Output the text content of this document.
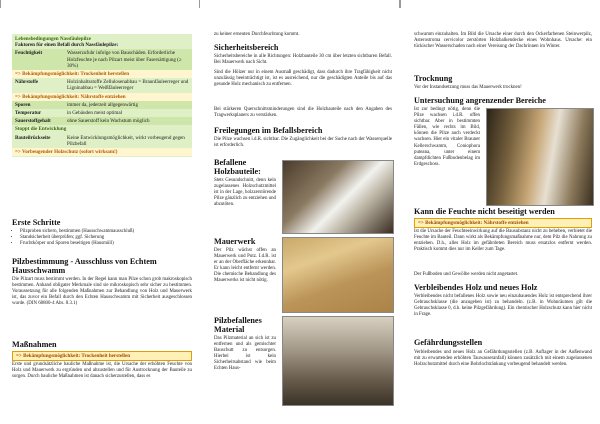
Lebensbedingungen Nassfäulepilze
Faktoren für einen Befall durch Nassfäulepilze:
Feuchtigkeit	Wasserzufuhr infolge von Bauschäden. Erforderliche Holzfeuchte je nach Pilzart meist über Fasersättigung (≥ 30%)
=> Bekämpfungsmöglichkeit: Trockenheit herstellen
Nährstoffe	Holzinhaltsstoffe Zellulosenabbau = Braunfäuleerreger und Ligninabbau = Weißfäuleerreger
=> Bekämpfungsmöglichkeit: Nährstoffe entziehen
Sporen	immer da, jederzeit allgegenwärtig
Temperatur	in Gebäuden meist optimal
Sauerstoffgehalt	ohne Sauerstoff kein Wachstum möglich
Stoppt die Entwicklung
Bauteilrückseite	Keine Entwicklungsmöglichkeit, wirkt vorbeugend gegen Pilzbefall
=> Vorbeugender Holzschutz (sofort wirksam!)
Erste Schritte
• Pilzproben sichern, bestimmen (Hausschwammausschluß)
• Standsicherheit überprüfen; ggf. Sicherung
• Fruchtkörper und Sporen beseitigen (Hausmüll)
Pilzbestimmung - Ausschluss von Echtem Hausschwamm
Die Pilzart muss bestimmt werden. In der Regel kann man Pilze schon grob makroskopisch bestimmen. Anhand obligater Merkmale sind sie mikroskopisch sehr sicher zu bestimmen. Voraussetzung für alle folgenden Maßnahmen zur Behandlung von Holz und Mauerwerk ist, das zuvor ein Befall durch den Echten Hausschwamm mit Sicherheit ausgeschlossen wurde. (DIN 68800-4 Abs. 8.3.1)
Maßnahmen
=> Bekämpfungsmöglichkeit: Trockenheit herstellen
Erste und grundsätzliche bauliche Maßnahme ist, die Ursache der erhöhten Feuchte von Holz und Mauerwerk zu ergründen und abzustellen und für Austrocknung der Bauteile zu sorgen. Durch bauliche Maßnahmen ist danach sicherzustellen, dass es
zu keiner erneuten Durchfeuchtung kommt.
Sicherheitsbereich
Sicherheitsbereiche in alle Richtungen: Holzbauteile 30 cm über letzten sichtbaren Befall. Bei Mauerwerk nach Sicht.
Sind die Hölzer nur in einem Ausmaß geschädigt, dass dadurch ihre Tragfähigkeit nicht unzulässig beeinträchtigt ist, ist es ausreichend, nur die geschädigten Anteile bis auf das gesunde Holz mechanisch zu entfernen.
Bei stärkeren Querschnittsminderungen sind die Holzbauteile nach den Angaben des Tragwerksplaners zu verstärken.
Freilegungen im Befallsbereich
Die Pilze wachsen i.d.R. sichtbar. Die Zugänglichkeit bei der Suche nach der Wasserquelle ist erforderlich.
Befallene Holzbauteile:
Stets Gesundschnitt, denn kein zugelassenes Holzschutzmittel ist in der Lage, holzzerstörende Pilze gänzlich zu entziehen und abzutöten.
Mauerwerk
Der Pilz wächst offen an Mauerwerk und Putz. I.d.R. ist er an der Oberfläche erkennbar. Er kann leicht entfernt werden. Die chemische Behandlung des Mauerwerks ist nicht nötig.
Pilzbefallenes Material
Das Pilzmaterial an sich ist zu entfernen und als gemischter Bauschutt zu entsorgen. Hierbei ist kein Sicherheitsabstand wie beim Echten Haus-
schwamm einzuhalten. Im Bild die Ursache einer durch den Ockerfarbenen Steinwerpilz, Asterostroma cervicolor zerstörten Holzbalkendecke eines Wohnhaus. Ursache: ein tückischer Wasserschaden nach einer Vereisung der Dachrinnen im Winter.
Trocknung
Vor der Instandsetzung muss das Mauerwerk trocknen!
Untersuchung angrenzender Bereiche
Ist zur bedingt nötig, denn die Pilze wachsen i.d.R. offen sichtbar. Aber in bestimmten Fällen, wie rechts im Bild, können die Pilze auch verdeckt wachsen. Hier ein vitaler Brauner Kellerschwamm, Coniophora puteana, unter einem dampfdichten Fußbodenbelag im Erdgeschoss.
Kann die Feuchte nicht beseitigt werden
=> Bekämpfungsmöglichkeit: Nährstoffe entziehen
Ist die Ursache der Feuchteeinwirkung auf die Bausubstanz nicht zu beheben, verbietet die Feuchte im Bauteil. Dann wirkt als Bekämpfungsmaßnahme nur, dem Pilz die Nahrung zu entziehen. D.h., alles Holz im gefährdeten Bereich muss ersatzlos entfernt werden. Praktisch kommt dies nur im Keller zum Tage.
Der Fußboden und Gewölbe werden nicht angetastet.
Verbleibendes Holz und neues Holz
Verbleibendes nicht befallenes Holz sowie neu einzubauendes Holz ist entsprechend ihrer Gebrauchsklasse (die anzugeben ist) zu behandeln. (z.B. in Wohnräumen gilt die Gebrauchsklasse 0, d.h. keine Pilzgefährdung). Ein chemischer Holzschutz kann hier nicht in Frage.
Gefährdungsstellen
Verbleibendes und neues Holz an Gefährdungsstellen (z.B. Auflager in der Außenwand mit zu erwartenden erhöhten Tauwasseranfall) können zusätzlich mit einem zugelassenen Holzschutzmittel durch eine Bohrlochtränkung vorbeugend behandelt werden.
